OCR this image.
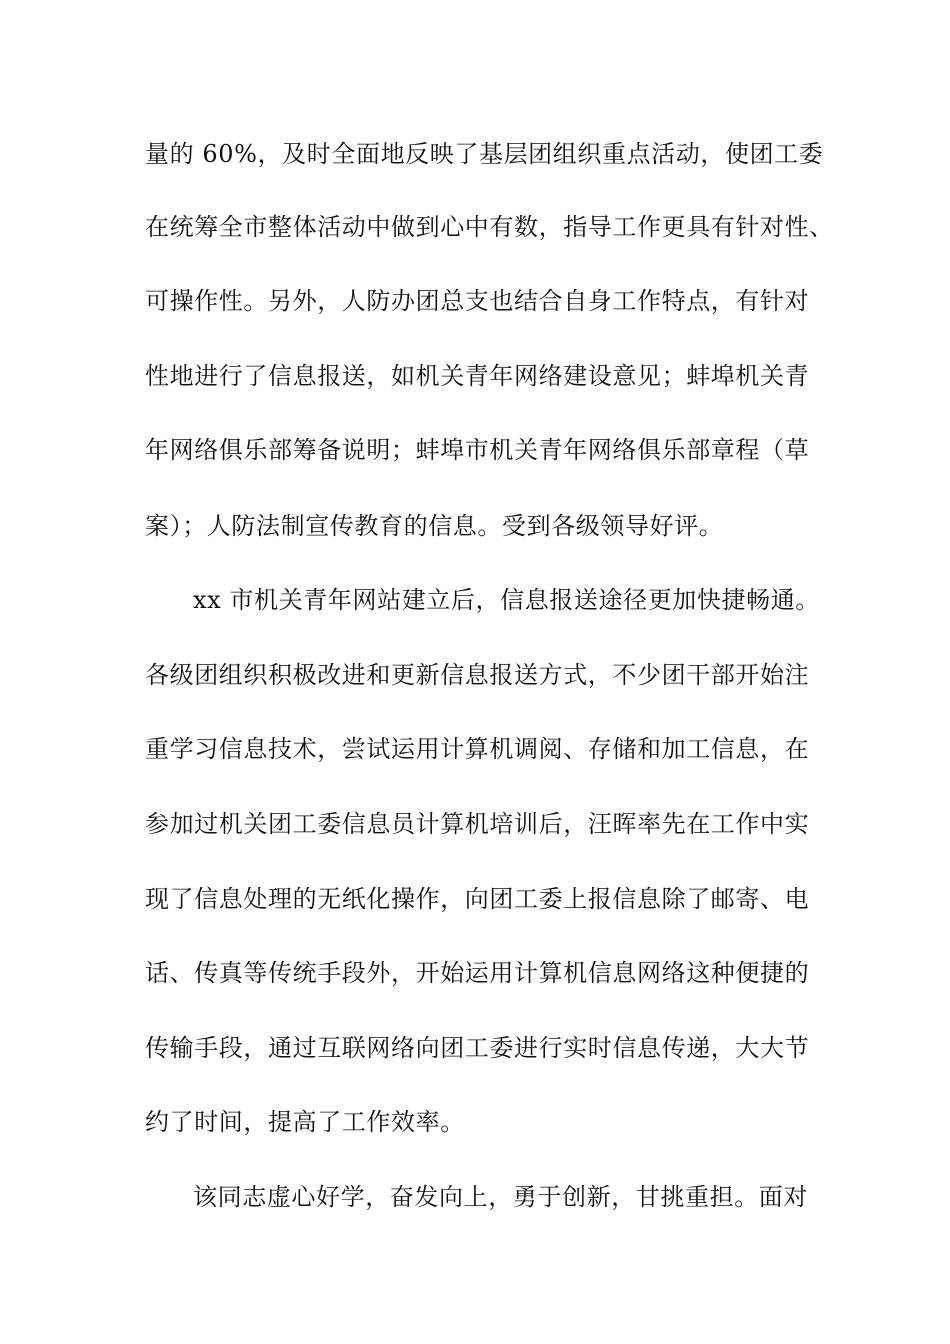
量的 60%，及时全面地反映了基层团组织重点活动，使团工委
在统筹全市整体活动中做到心中有数，指导工作更具有针对性、
可操作性。另外，人防办团总支也结合自身工作特点，有针对
性地进行了信息报送，如机关青年网络建设意见；蚌埠机关青
年网络俱乐部筹备说明；蚌埠市机关青年网络俱乐部章程（草
案）；人防法制宣传教育的信息。受到各级领导好评。
xx 市机关青年网站建立后，信息报送途径更加快捷畅通。
各级团组织积极改进和更新信息报送方式，不少团干部开始注
重学习信息技术，尝试运用计算机调阅、存储和加工信息，在
参加过机关团工委信息员计算机培训后，汪晖率先在工作中实
现了信息处理的无纸化操作，向团工委上报信息除了邮寄、电
话、传真等传统手段外，开始运用计算机信息网络这种便捷的
传输手段，通过互联网络向团工委进行实时信息传递，大大节
约了时间，提高了工作效率。
该同志虚心好学，奋发向上，勇于创新，甘挑重担。面对
